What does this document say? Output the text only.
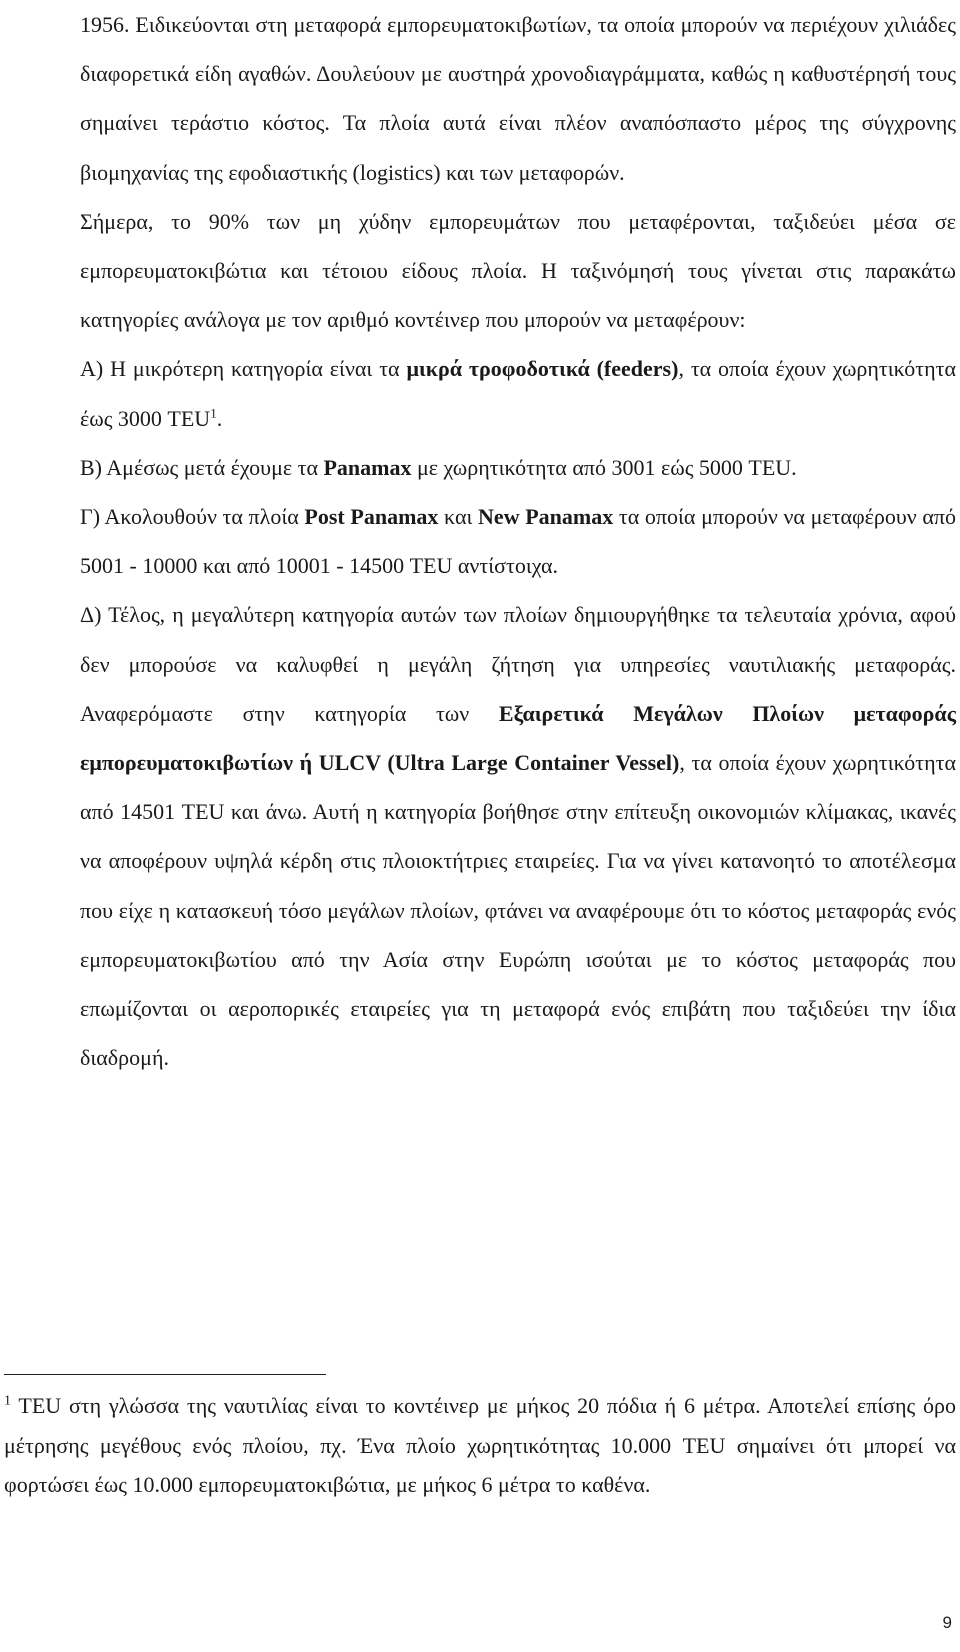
1956. Ειδικεύονται στη μεταφορά εμπορευματοκιβωτίων, τα οποία μπορούν να περιέχουν χιλιάδες διαφορετικά είδη αγαθών. Δουλεύουν με αυστηρά χρονοδιαγράμματα, καθώς η καθυστέρησή τους σημαίνει τεράστιο κόστος. Τα πλοία αυτά είναι πλέον αναπόσπαστο μέρος της σύγχρονης βιομηχανίας της εφοδιαστικής (logistics) και των μεταφορών.

Σήμερα, το 90% των μη χύδην εμπορευμάτων που μεταφέρονται, ταξιδεύει μέσα σε εμπορευματοκιβώτια και τέτοιου είδους πλοία. Η ταξινόμησή τους γίνεται στις παρακάτω κατηγορίες ανάλογα με τον αριθμό κοντέινερ που μπορούν να μεταφέρουν:

Α) Η μικρότερη κατηγορία είναι τα μικρά τροφοδοτικά (feeders), τα οποία έχουν χωρητικότητα έως 3000 TEU$^1$.

Β) Αμέσως μετά έχουμε τα Panamax με χωρητικότητα από 3001 εώς 5000 TEU.

Γ) Ακολουθούν τα πλοία Post Panamax και New Panamax τα οποία μπορούν να μεταφέρουν από 5001 - 10000 και από 10001 - 14500 TEU αντίστοιχα.

Δ) Τέλος, η μεγαλύτερη κατηγορία αυτών των πλοίων δημιουργήθηκε τα τελευταία χρόνια, αφού δεν μπορούσε να καλυφθεί η μεγάλη ζήτηση για υπηρεσίες ναυτιλιακής μεταφοράς. Αναφερόμαστε στην κατηγορία των Εξαιρετικά Μεγάλων Πλοίων μεταφοράς εμπορευματοκιβωτίων ή ULCV (Ultra Large Container Vessel), τα οποία έχουν χωρητικότητα από 14501 TEU και άνω. Αυτή η κατηγορία βοήθησε στην επίτευξη οικονομιών κλίμακας, ικανές να αποφέρουν υψηλά κέρδη στις πλοιοκτήτριες εταιρείες. Για να γίνει κατανοητό το αποτέλεσμα που είχε η κατασκευή τόσο μεγάλων πλοίων, φτάνει να αναφέρουμε ότι το κόστος μεταφοράς ενός εμπορευματοκιβωτίου από την Ασία στην Ευρώπη ισούται με το κόστος μεταφοράς που επωμίζονται οι αεροπορικές εταιρείες για τη μεταφορά ενός επιβάτη που ταξιδεύει την ίδια διαδρομή.

$^1$ TEU στη γλώσσα της ναυτιλίας είναι το κοντέινερ με μήκος 20 πόδια ή 6 μέτρα. Αποτελεί επίσης όρο μέτρησης μεγέθους ενός πλοίου, πχ. Ένα πλοίο χωρητικότητας 10.000 TEU σημαίνει ότι μπορεί να φορτώσει έως 10.000 εμπορευματοκιβώτια, με μήκος 6 μέτρα το καθένα.
9
